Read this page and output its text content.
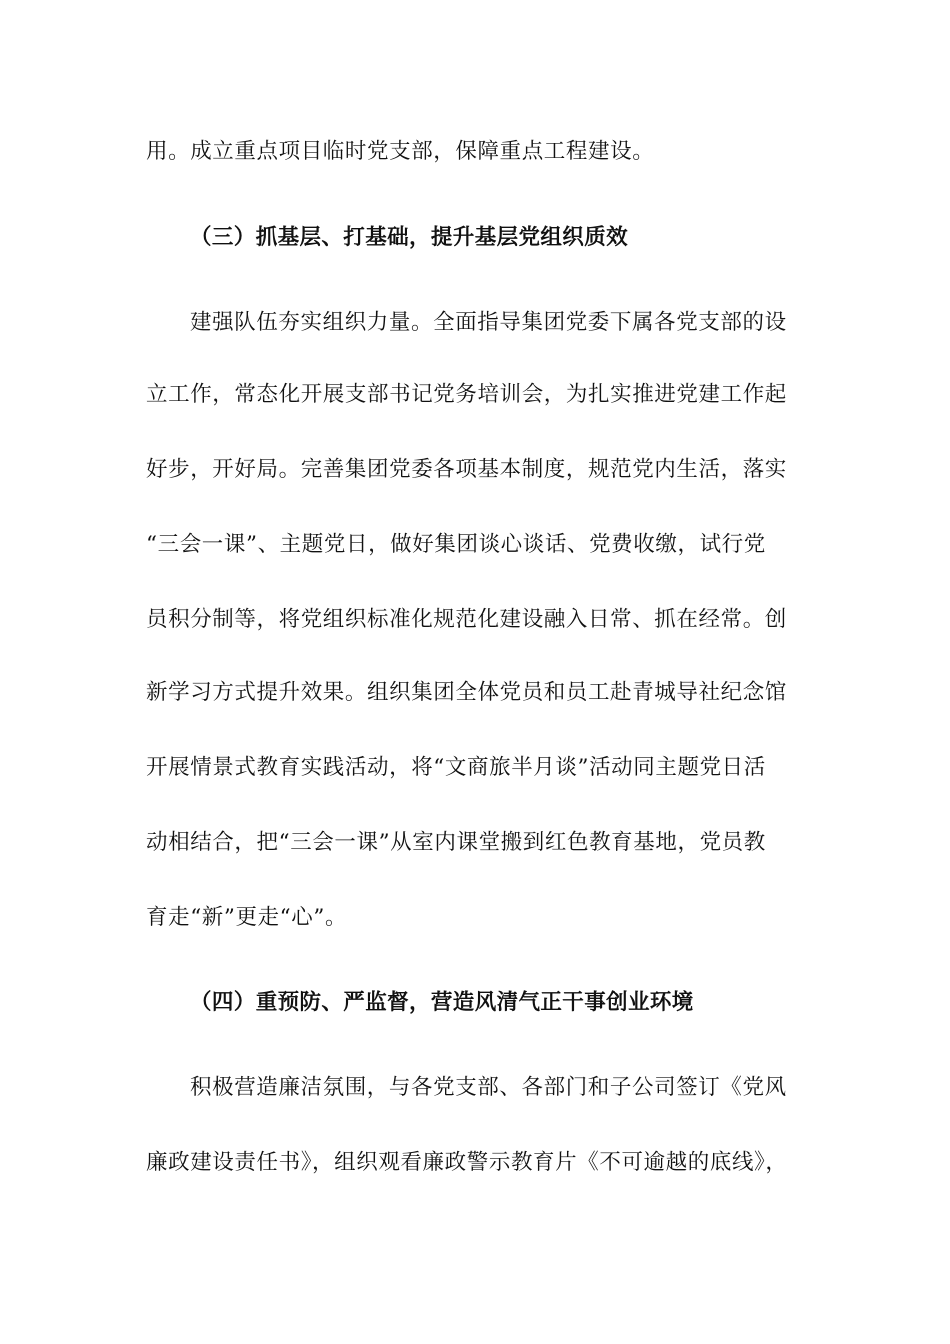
用。成立重点项目临时党支部，保障重点工程建设。
（三）抓基层、打基础，提升基层党组织质效
建强队伍夯实组织力量。全面指导集团党委下属各党支部的设
立工作，常态化开展支部书记党务培训会，为扎实推进党建工作起
好步，开好局。完善集团党委各项基本制度，规范党内生活，落实
“三会一课”、主题党日，做好集团谈心谈话、党费收缴，试行党
员积分制等，将党组织标准化规范化建设融入日常、抓在经常。创
新学习方式提升效果。组织集团全体党员和员工赴青城导社纪念馆
开展情景式教育实践活动，将“文商旅半月谈”活动同主题党日活
动相结合，把“三会一课”从室内课堂搬到红色教育基地，党员教
育走“新”更走“心”。
（四）重预防、严监督，营造风清气正干事创业环境
积极营造廉洁氛围，与各党支部、各部门和子公司签订《党风
廉政建设责任书》，组织观看廉政警示教育片《不可逾越的底线》，
